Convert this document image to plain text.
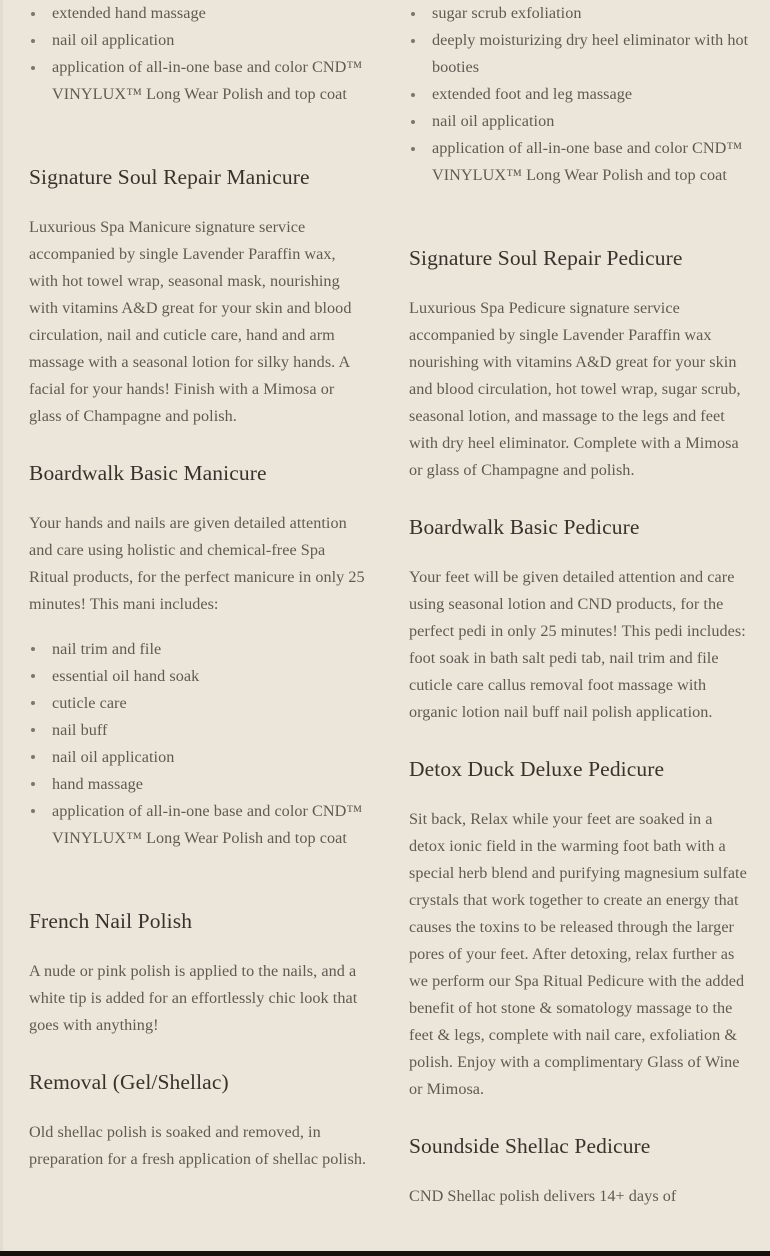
extended hand massage
nail oil application
application of all-in-one base and color CND™ VINYLUX™ Long Wear Polish and top coat
Signature Soul Repair Manicure

Luxurious Spa Manicure signature service accompanied by single Lavender Paraffin wax, with hot towel wrap, seasonal mask, nourishing with vitamins A&D great for your skin and blood circulation, nail and cuticle care, hand and arm massage with a seasonal lotion for silky hands. A facial for your hands! Finish with a Mimosa or glass of Champagne and polish.

Boardwalk Basic Manicure

Your hands and nails are given detailed attention and care using holistic and chemical-free Spa Ritual products, for the perfect manicure in only 25 minutes! This mani includes:

nail trim and file
essential oil hand soak
cuticle care
nail buff
nail oil application
hand massage
application of all-in-one base and color CND™ VINYLUX™ Long Wear Polish and top coat
French Nail Polish

A nude or pink polish is applied to the nails, and a white tip is added for an effortlessly chic look that goes with anything!

Removal (Gel/Shellac)

Old shellac polish is soaked and removed, in preparation for a fresh application of shellac polish.

sugar scrub exfoliation
deeply moisturizing dry heel eliminator with hot booties
extended foot and leg massage
nail oil application
application of all-in-one base and color CND™ VINYLUX™ Long Wear Polish and top coat
Signature Soul Repair Pedicure

Luxurious Spa Pedicure signature service accompanied by single Lavender Paraffin wax nourishing with vitamins A&D great for your skin and blood circulation, hot towel wrap, sugar scrub, seasonal lotion, and massage to the legs and feet with dry heel eliminator. Complete with a Mimosa or glass of Champagne and polish.

Boardwalk Basic Pedicure

Your feet will be given detailed attention and care using seasonal lotion and CND products, for the perfect pedi in only 25 minutes! This pedi includes: foot soak in bath salt pedi tab, nail trim and file cuticle care callus removal foot massage with organic lotion nail buff nail polish application.

Detox Duck Deluxe Pedicure

Sit back, Relax while your feet are soaked in a detox ionic field in the warming foot bath with a special herb blend and purifying magnesium sulfate crystals that work together to create an energy that causes the toxins to be released through the larger pores of your feet. After detoxing, relax further as we perform our Spa Ritual Pedicure with the added benefit of hot stone & somatology massage to the feet & legs, complete with nail care, exfoliation & polish. Enjoy with a complimentary Glass of Wine or Mimosa.

Soundside Shellac Pedicure

CND Shellac polish delivers 14+ days of
